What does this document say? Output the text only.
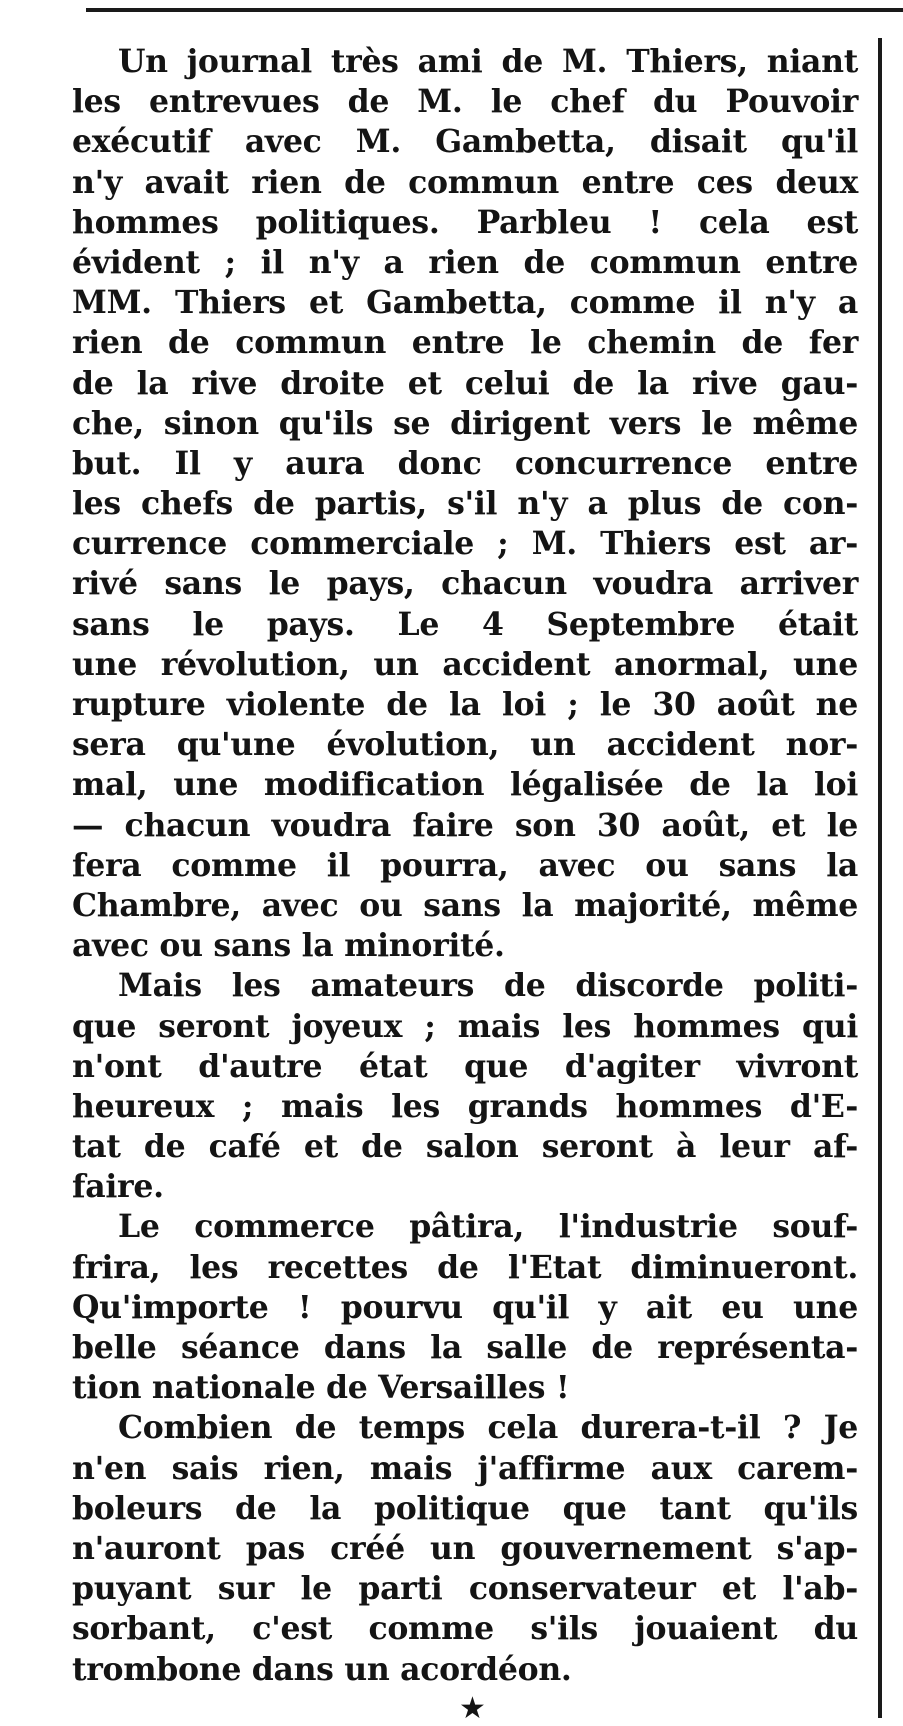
Un journal très ami de M. Thiers, niant
les entrevues de M. le chef du Pouvoir
exécutif avec M. Gambetta, disait qu'il
n'y avait rien de commun entre ces deux
hommes politiques. Parbleu ! cela est
évident ; il n'y a rien de commun entre
MM. Thiers et Gambetta, comme il n'y a
rien de commun entre le chemin de fer
de la rive droite et celui de la rive gau-
che, sinon qu'ils se dirigent vers le même
but. Il y aura donc concurrence entre
les chefs de partis, s'il n'y a plus de con-
currence commerciale ; M. Thiers est ar-
rivé sans le pays, chacun voudra arriver
sans le pays. Le 4 Septembre était
une révolution, un accident anormal, une
rupture violente de la loi ; le 30 août ne
sera qu'une évolution, un accident nor-
mal, une modification légalisée de la loi
— chacun voudra faire son 30 août, et le
fera comme il pourra, avec ou sans la
Chambre, avec ou sans la majorité, même
avec ou sans la minorité.
Mais les amateurs de discorde politi-
que seront joyeux ; mais les hommes qui
n'ont d'autre état que d'agiter vivront
heureux ; mais les grands hommes d'E-
tat de café et de salon seront à leur af-
faire.
Le commerce pâtira, l'industrie souf-
frira, les recettes de l'Etat diminueront.
Qu'importe ! pourvu qu'il y ait eu une
belle séance dans la salle de représenta-
tion nationale de Versailles !
Combien de temps cela durera-t-il ? Je
n'en sais rien, mais j'affirme aux carem-
boleurs de la politique que tant qu'ils
n'auront pas créé un gouvernement s'ap-
puyant sur le parti conservateur et l'ab-
sorbant, c'est comme s'ils jouaient du
trombone dans un acordéon.
★
